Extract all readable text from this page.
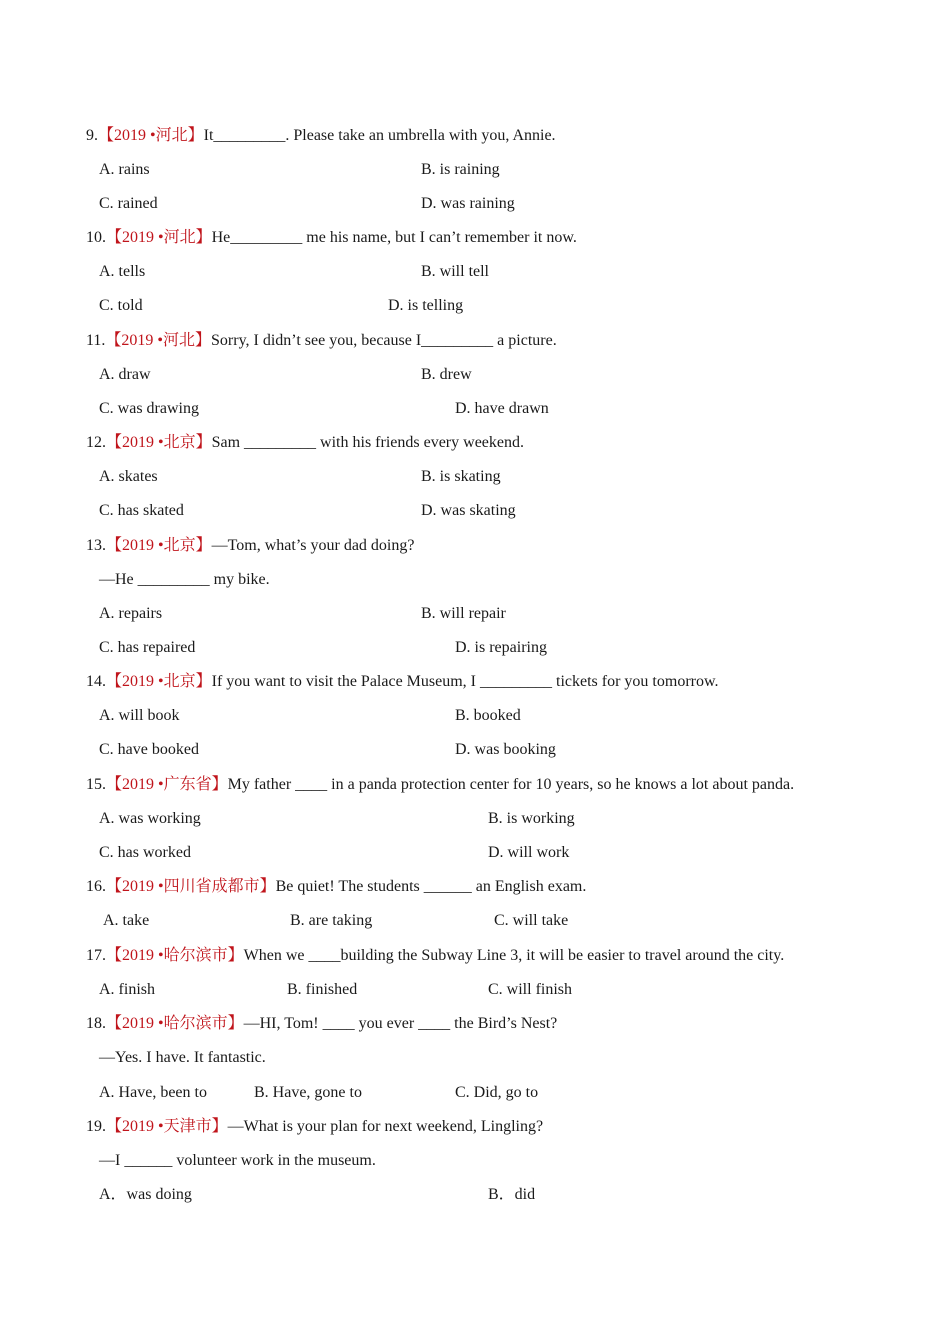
9.【2019 •河北】It_________. Please take an umbrella with you, Annie.
A. rains	B. is raining
C. rained	D. was raining
10.【2019 •河北】He_________ me his name, but I can’t remember it now.
A. tells	B. will tell
C. told	D. is telling
11.【2019 •河北】Sorry, I didn’t see you, because I_________ a picture.
A. draw	B. drew
C. was drawing	D. have drawn
12.【2019 •北京】Sam _________ with his friends every weekend.
A. skates	B. is skating
C. has skated	D. was skating
13.【2019 •北京】—Tom, what’s your dad doing?
—He _________ my bike.
A. repairs	B. will repair
C. has repaired	D. is repairing
14.【2019 •北京】If you want to visit the Palace Museum, I _________ tickets for you tomorrow.
A. will book	B. booked
C. have booked	D. was booking
15.【2019 •广东省】My father ____ in a panda protection center for 10 years, so he knows a lot about panda.
A. was working	B. is working
C. has worked	D. will work
16.【2019 •四川省成都市】Be quiet! The students ______ an English exam.
A. take	B. are taking	C. will take
17.【2019 •哈尔滨市】When we ____building the Subway Line 3, it will be easier to travel around the city.
A. finish	B. finished	C. will finish
18.【2019 •哈尔滨市】—HI, Tom! ____ you ever ____ the Bird’s Nest?
—Yes. I have. It fantastic.
A. Have, been to	B. Have, gone to	C. Did, go to
19.【2019 •天津市】—What is your plan for next weekend, Lingling?
—I ______ volunteer work in the museum.
A．was doing	B．did
